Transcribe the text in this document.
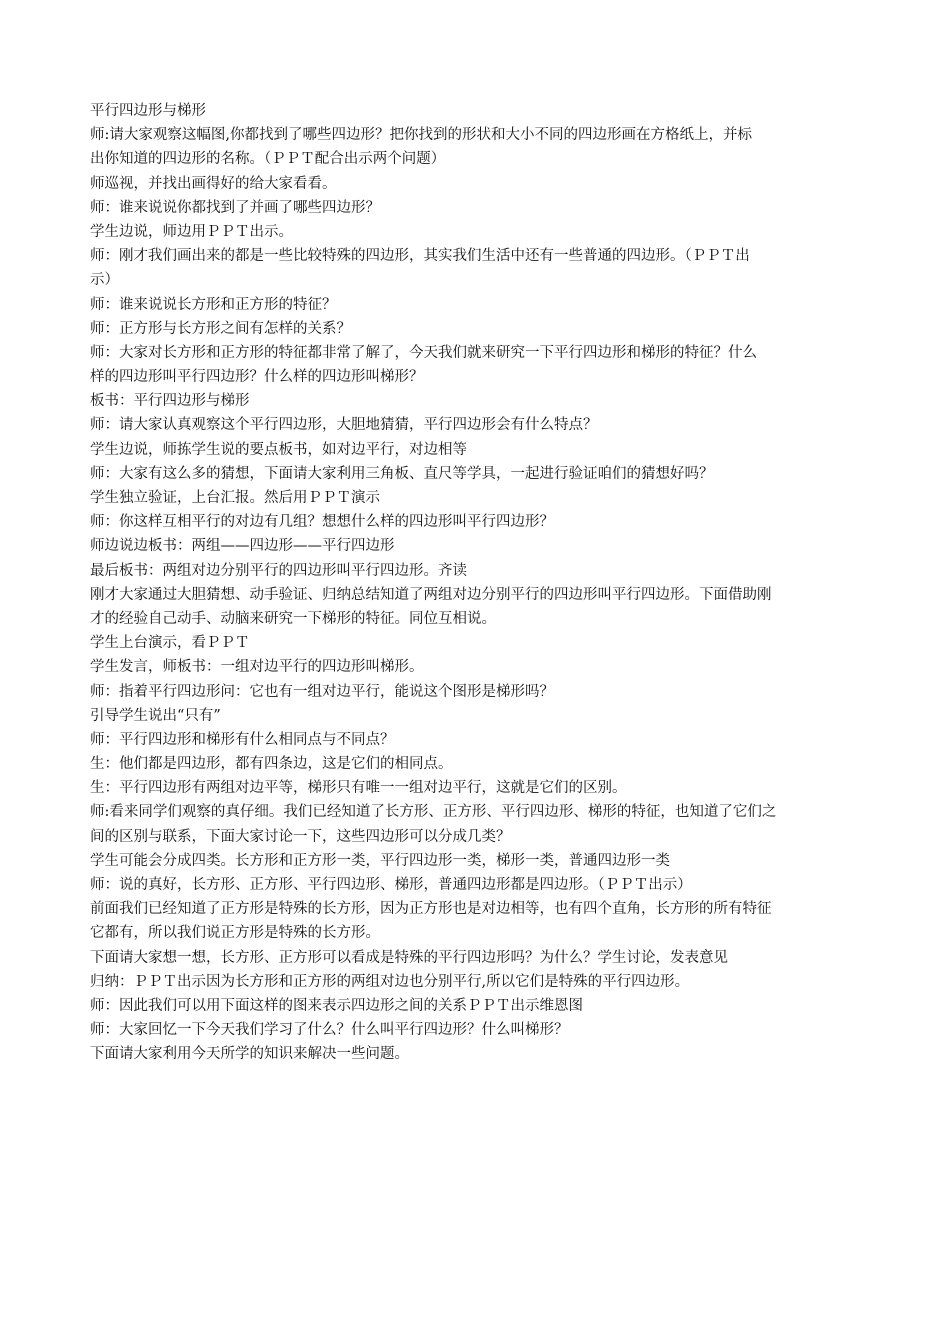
平行四边形与梯形
师:请大家观察这幅图,你都找到了哪些四边形？把你找到的形状和大小不同的四边形画在方格纸上，并标
出你知道的四边形的名称。（ＰＰＴ配合出示两个问题）
师巡视，并找出画得好的给大家看看。
师：谁来说说你都找到了并画了哪些四边形？
学生边说，师边用ＰＰＴ出示。
师：刚才我们画出来的都是一些比较特殊的四边形，其实我们生活中还有一些普通的四边形。（ＰＰＴ出
示）
师：谁来说说长方形和正方形的特征？
师：正方形与长方形之间有怎样的关系？
师：大家对长方形和正方形的特征都非常了解了，今天我们就来研究一下平行四边形和梯形的特征？什么
样的四边形叫平行四边形？什么样的四边形叫梯形？
板书：平行四边形与梯形
师：请大家认真观察这个平行四边形，大胆地猜猜，平行四边形会有什么特点？
学生边说，师拣学生说的要点板书，如对边平行，对边相等
师：大家有这么多的猜想，下面请大家利用三角板、直尺等学具，一起进行验证咱们的猜想好吗？
学生独立验证，上台汇报。然后用ＰＰＴ演示
师：你这样互相平行的对边有几组？想想什么样的四边形叫平行四边形？
师边说边板书：两组——四边形——平行四边形
最后板书：两组对边分别平行的四边形叫平行四边形。齐读
刚才大家通过大胆猜想、动手验证、归纳总结知道了两组对边分别平行的四边形叫平行四边形。下面借助刚
才的经验自己动手、动脑来研究一下梯形的特征。同位互相说。
学生上台演示，看ＰＰＴ
学生发言，师板书：一组对边平行的四边形叫梯形。
师：指着平行四边形问：它也有一组对边平行，能说这个图形是梯形吗？
引导学生说出“只有”
师：平行四边形和梯形有什么相同点与不同点？
生：他们都是四边形，都有四条边，这是它们的相同点。
生：平行四边形有两组对边平等，梯形只有唯一一组对边平行，这就是它们的区别。
师:看来同学们观察的真仔细。我们已经知道了长方形、正方形、平行四边形、梯形的特征，也知道了它们之
间的区别与联系，下面大家讨论一下，这些四边形可以分成几类？
学生可能会分成四类。长方形和正方形一类，平行四边形一类，梯形一类，普通四边形一类
师：说的真好，长方形、正方形、平行四边形、梯形，普通四边形都是四边形。（ＰＰＴ出示）
前面我们已经知道了正方形是特殊的长方形，因为正方形也是对边相等，也有四个直角，长方形的所有特征
它都有，所以我们说正方形是特殊的长方形。
下面请大家想一想，长方形、正方形可以看成是特殊的平行四边形吗？为什么？学生讨论，发表意见
归纳：ＰＰＴ出示因为长方形和正方形的两组对边也分别平行,所以它们是特殊的平行四边形。
师：因此我们可以用下面这样的图来表示四边形之间的关系ＰＰＴ出示维恩图
师：大家回忆一下今天我们学习了什么？什么叫平行四边形？什么叫梯形？
下面请大家利用今天所学的知识来解决一些问题。
